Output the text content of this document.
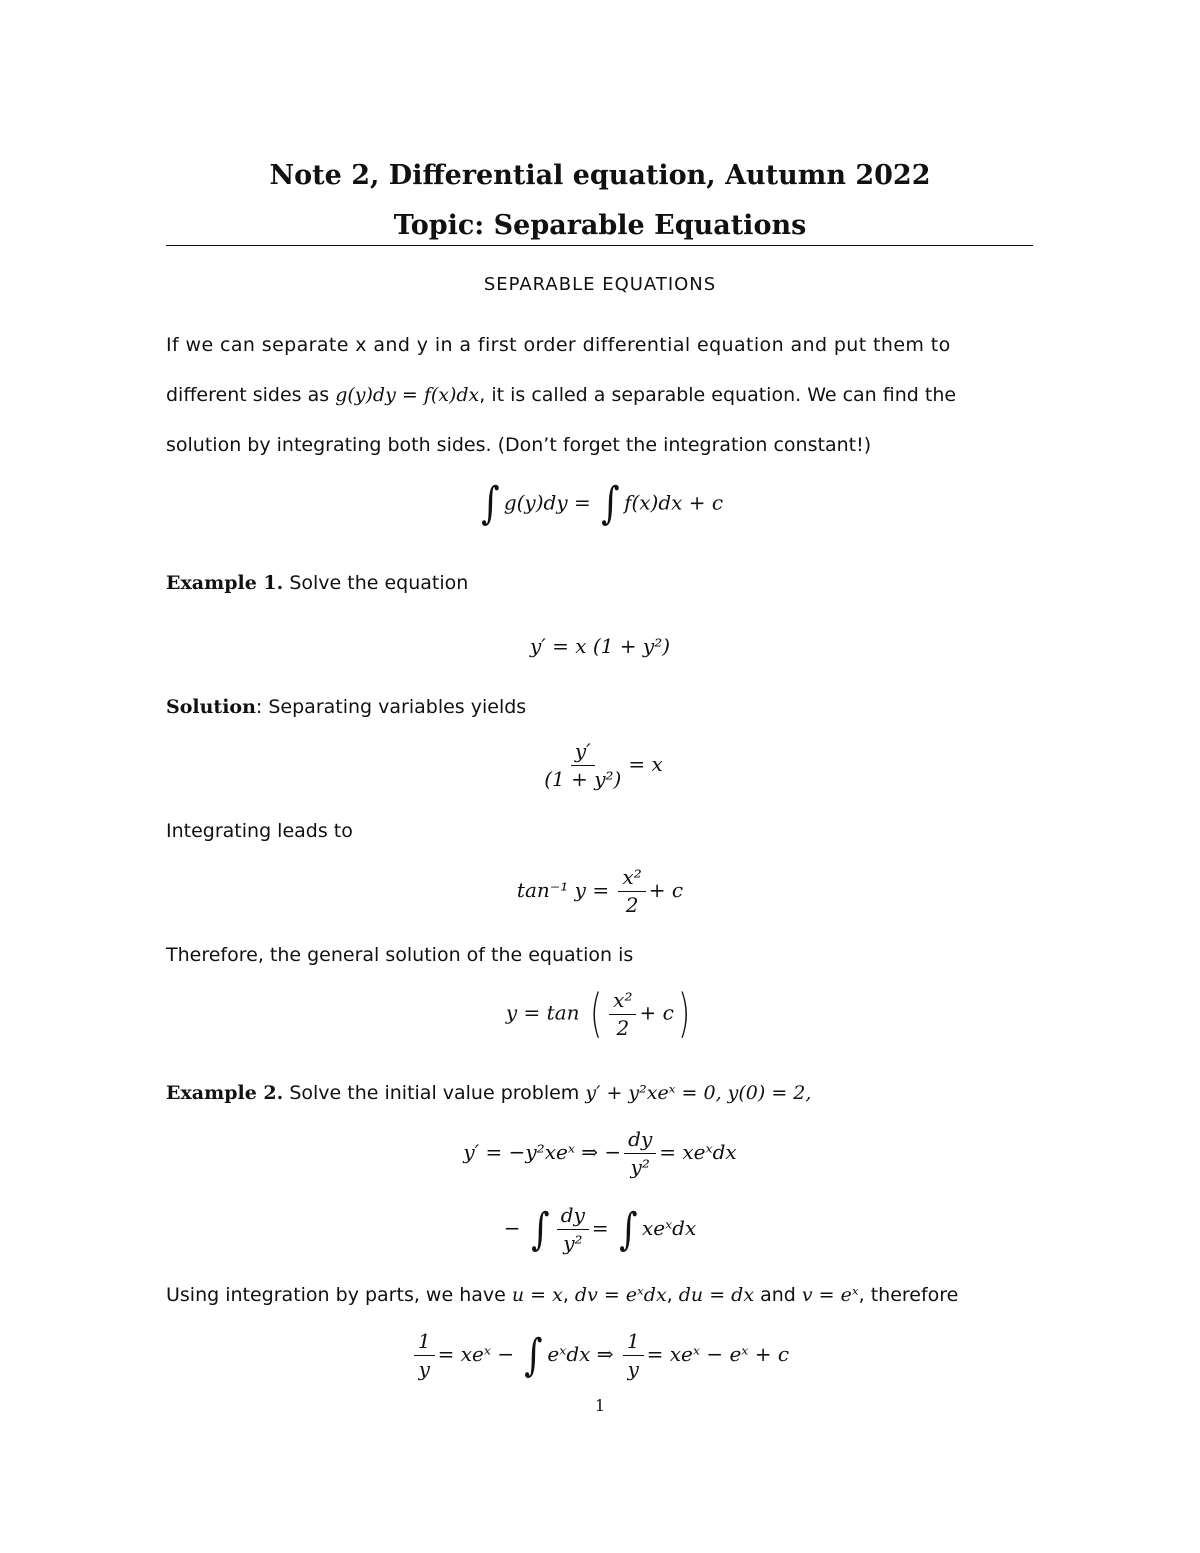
Note 2, Differential equation, Autumn 2022
Topic: Separable Equations
SEPARABLE EQUATIONS
If we can separate x and y in a first order differential equation and put them to
different sides as g(y)dy = f(x)dx, it is called a separable equation. We can find the
solution by integrating both sides. (Don’t forget the integration constant!)
∫ g(y)dy = ∫ f(x)dx + c
Example 1. Solve the equation
y′ = x (1 + y²)
Solution: Separating variables yields
$\frac{y'}{\text{(1 + y²)}} = x$
Integrating leads to
tan⁻¹ $y = \frac{\text{x²}}{2} + c$
Therefore, the general solution of the equation is
y = tan ( $\frac{\text{x²}}{2} + c$)
Example 2. Solve the initial value problem y′ + y²xeˣ = 0, y(0) = 2,
y′ = −y²xeˣ ⇒ − $\frac{dy}{\text{y²}}$ = xeˣdx
− ∫ $\frac{dy}{\text{y²}}$ = ∫ xeˣdx
Using integration by parts, we have u = x, dv = eˣdx, du = dx and v = eˣ, therefore
$\frac{1}{y}$ = xeˣ − ∫ eˣdx ⇒ $\frac{1}{y}$ = xeˣ − eˣ + c
1
